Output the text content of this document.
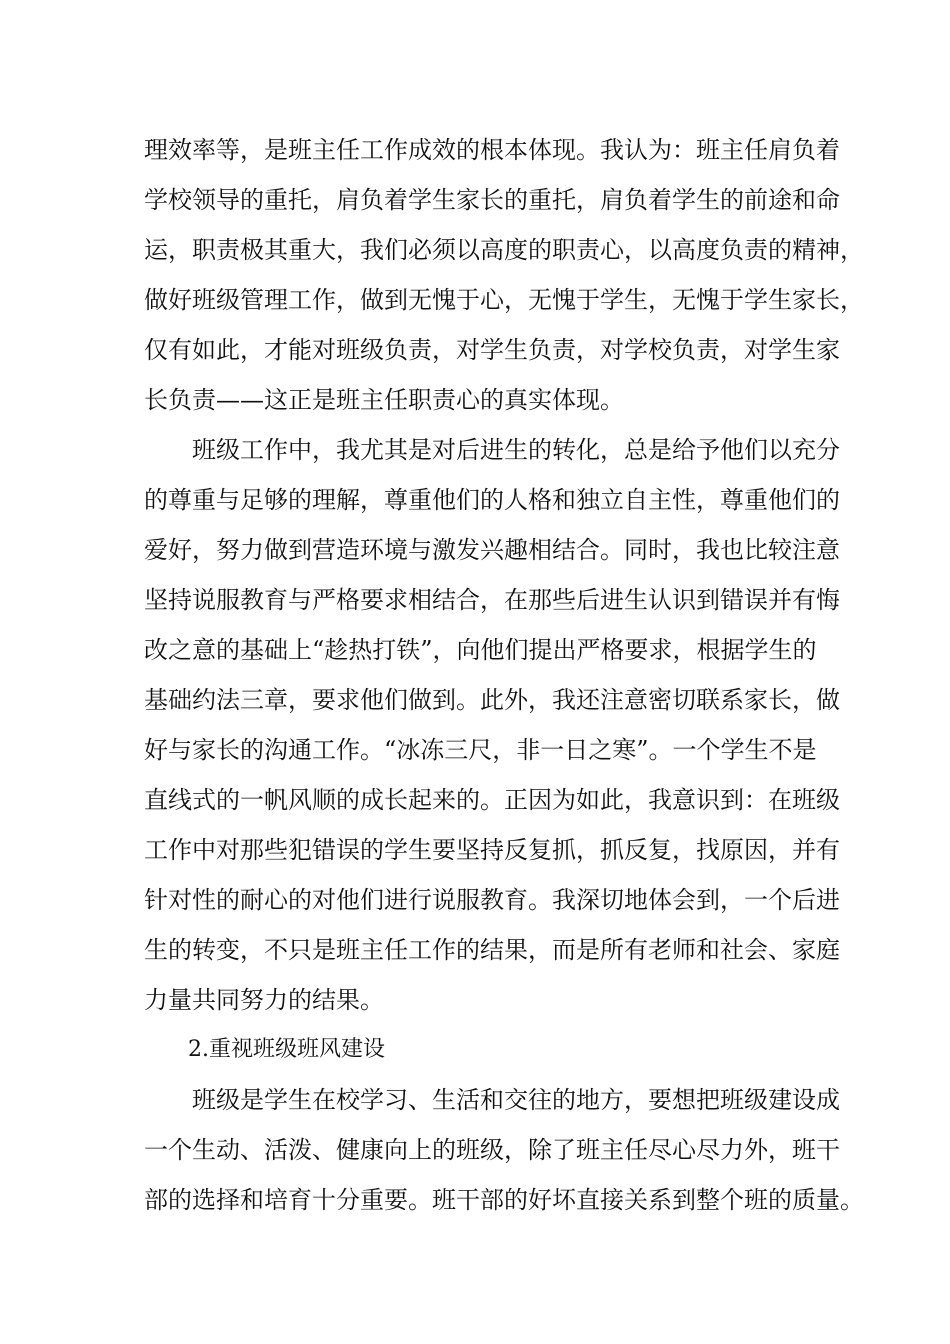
理效率等，是班主任工作成效的根本体现。我认为：班主任肩负着
学校领导的重托，肩负着学生家长的重托，肩负着学生的前途和命
运，职责极其重大，我们必须以高度的职责心，以高度负责的精神，
做好班级管理工作，做到无愧于心，无愧于学生，无愧于学生家长，
仅有如此，才能对班级负责，对学生负责，对学校负责，对学生家
长负责——这正是班主任职责心的真实体现。
班级工作中，我尤其是对后进生的转化，总是给予他们以充分
的尊重与足够的理解，尊重他们的人格和独立自主性，尊重他们的
爱好，努力做到营造环境与激发兴趣相结合。同时，我也比较注意
坚持说服教育与严格要求相结合，在那些后进生认识到错误并有悔
改之意的基础上“趁热打铁”，向他们提出严格要求，根据学生的
基础约法三章，要求他们做到。此外，我还注意密切联系家长，做
好与家长的沟通工作。“冰冻三尺，非一日之寒”。一个学生不是
直线式的一帆风顺的成长起来的。正因为如此，我意识到：在班级
工作中对那些犯错误的学生要坚持反复抓，抓反复，找原因，并有
针对性的耐心的对他们进行说服教育。我深切地体会到，一个后进
生的转变，不只是班主任工作的结果，而是所有老师和社会、家庭
力量共同努力的结果。
2.重视班级班风建设
班级是学生在校学习、生活和交往的地方，要想把班级建设成
一个生动、活泼、健康向上的班级，除了班主任尽心尽力外，班干
部的选择和培育十分重要。班干部的好坏直接关系到整个班的质量。
